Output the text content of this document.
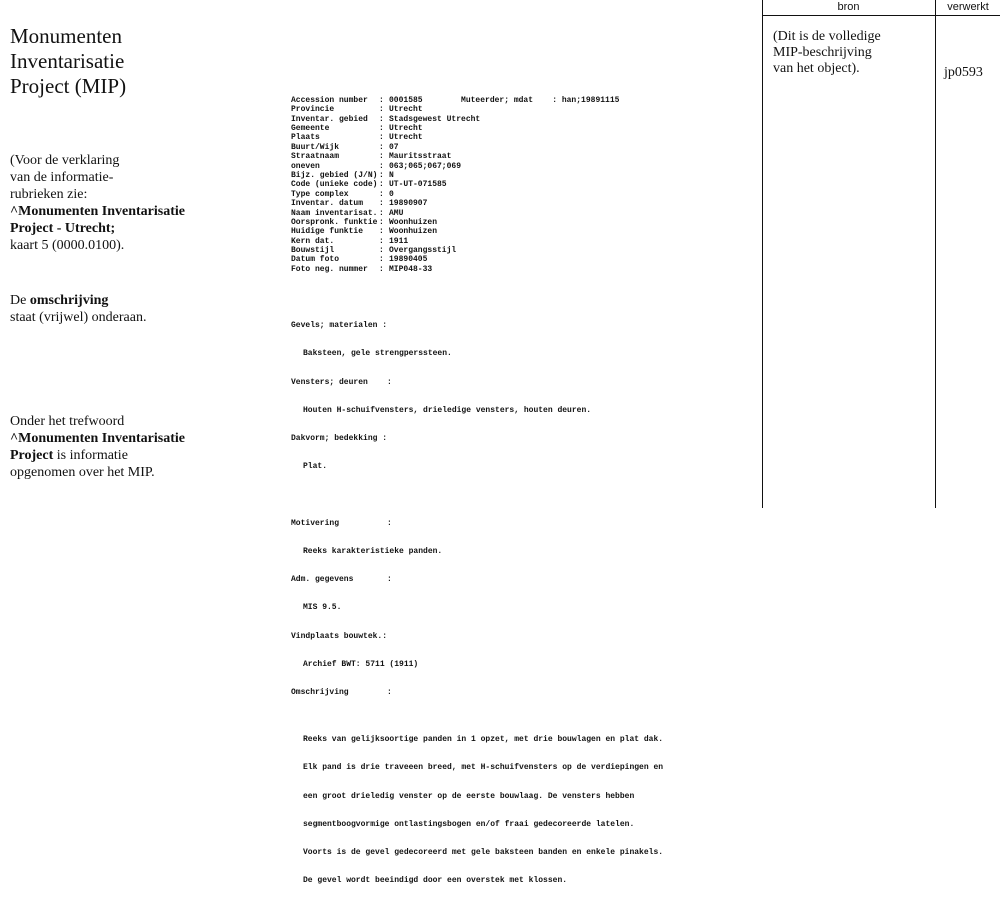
Monumenten
Inventarisatie
Project (MIP)
(Voor de verklaring
van de informatie-
rubrieken zie:
^Monumenten Inventarisatie
Project - Utrecht;
kaart 5 (0000.0100).
De omschrijving
staat (vrijwel) onderaan.
Onder het trefwoord
^Monumenten Inventarisatie
Project is informatie
opgenomen over het MIP.
bron	verwerkt
(Dit is de volledige
MIP-beschrijving
van het object).	jp0593

Accession number	: 0001585 Muteerder; mdat    : han;19891115
Provincie	: Utrecht
Inventar. gebied	: Stadsgewest Utrecht
Gemeente	: Utrecht
Plaats	: Utrecht
Buurt/Wijk	: 07
Straatnaam	: Mauritsstraat
oneven	: 063;065;067;069
Bijz. gebied (J/N) : N
Code (unieke code) : UT-UT-071585
Type complex	: 0
Inventar. datum	: 19890907
Naam inventarisat. : AMU
Oorspronk. funktie : Woonhuizen
Huidige funktie	: Woonhuizen
Kern dat.	: 1911
Bouwstijl	: Overgangsstijl
Datum foto	: 19890405
Foto neg. nummer	: MIP048-33

Gevels; materialen :

Baksteen, gele strengperssteen.

Vensters; deuren    :

Houten H-schuifvensters, drieledige vensters, houten deuren.

Dakvorm; bedekking :

Plat.

Motivering          :

Reeks karakteristieke panden.

Adm. gegevens       :

MIS 9.5.

Vindplaats bouwtek.:

Archief BWT: 5711 (1911)

Omschrijving        :

Reeks van gelijksoortige panden in 1 opzet, met drie bouwlagen en plat dak.

Elk pand is drie traveeen breed, met H-schuifvensters op de verdiepingen en

een groot drieledig venster op de eerste bouwlaag. De vensters hebben

segmentboogvormige ontlastingsbogen en/of fraai gedecoreerde latelen.

Voorts is de gevel gedecoreerd met gele baksteen banden en enkele pinakels.

De gevel wordt beeindigd door een overstek met klossen.
